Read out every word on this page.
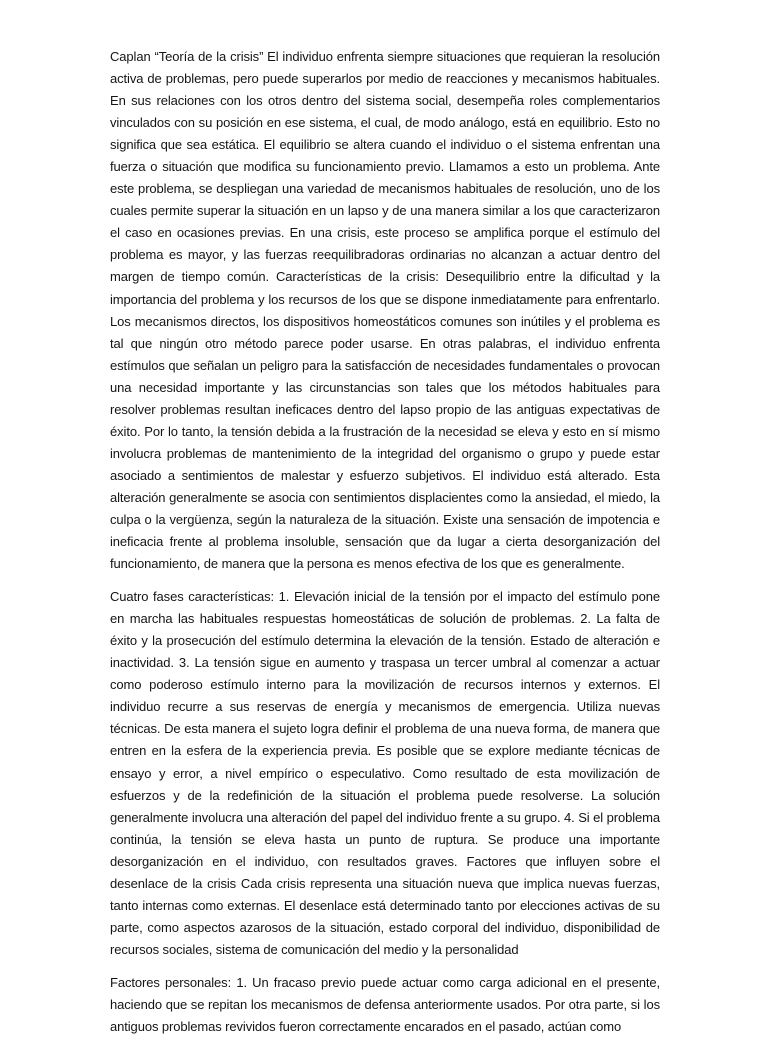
Caplan “Teoría de la crisis” El individuo enfrenta siempre situaciones que requieran la resolución activa de problemas, pero puede superarlos por medio de reacciones y mecanismos habituales. En sus relaciones con los otros dentro del sistema social, desempeña roles complementarios vinculados con su posición en ese sistema, el cual, de modo análogo, está en equilibrio. Esto no significa que sea estática. El equilibrio se altera cuando el individuo o el sistema enfrentan una fuerza o situación que modifica su funcionamiento previo. Llamamos a esto un problema. Ante este problema, se despliegan una variedad de mecanismos habituales de resolución, uno de los cuales permite superar la situación en un lapso y de una manera similar a los que caracterizaron el caso en ocasiones previas. En una crisis, este proceso se amplifica porque el estímulo del problema es mayor, y las fuerzas reequilibradoras ordinarias no alcanzan a actuar dentro del margen de tiempo común. Características de la crisis: Desequilibrio entre la dificultad y la importancia del problema y los recursos de los que se dispone inmediatamente para enfrentarlo. Los mecanismos directos, los dispositivos homeostáticos comunes son inútiles y el problema es tal que ningún otro método parece poder usarse. En otras palabras, el individuo enfrenta estímulos que señalan un peligro para la satisfacción de necesidades fundamentales o provocan una necesidad importante y las circunstancias son tales que los métodos habituales para resolver problemas resultan ineficaces dentro del lapso propio de las antiguas expectativas de éxito. Por lo tanto, la tensión debida a la frustración de la necesidad se eleva y esto en sí mismo involucra problemas de mantenimiento de la integridad del organismo o grupo y puede estar asociado a sentimientos de malestar y esfuerzo subjetivos. El individuo está alterado. Esta alteración generalmente se asocia con sentimientos displacientes como la ansiedad, el miedo, la culpa o la vergüenza, según la naturaleza de la situación. Existe una sensación de impotencia e ineficacia frente al problema insoluble, sensación que da lugar a cierta desorganización del funcionamiento, de manera que la persona es menos efectiva de los que es generalmente.

Cuatro fases características: 1. Elevación inicial de la tensión por el impacto del estímulo pone en marcha las habituales respuestas homeostáticas de solución de problemas. 2. La falta de éxito y la prosecución del estímulo determina la elevación de la tensión. Estado de alteración e inactividad. 3. La tensión sigue en aumento y traspasa un tercer umbral al comenzar a actuar como poderoso estímulo interno para la movilización de recursos internos y externos. El individuo recurre a sus reservas de energía y mecanismos de emergencia. Utiliza nuevas técnicas. De esta manera el sujeto logra definir el problema de una nueva forma, de manera que entren en la esfera de la experiencia previa. Es posible que se explore mediante técnicas de ensayo y error, a nivel empírico o especulativo. Como resultado de esta movilización de esfuerzos y de la redefinición de la situación el problema puede resolverse. La solución generalmente involucra una alteración del papel del individuo frente a su grupo. 4. Si el problema continúa, la tensión se eleva hasta un punto de ruptura. Se produce una importante desorganización en el individuo, con resultados graves. Factores que influyen sobre el desenlace de la crisis Cada crisis representa una situación nueva que implica nuevas fuerzas, tanto internas como externas. El desenlace está determinado tanto por elecciones activas de su parte, como aspectos azarosos de la situación, estado corporal del individuo, disponibilidad de recursos sociales, sistema de comunicación del medio y la personalidad

Factores personales: 1. Un fracaso previo puede actuar como carga adicional en el presente, haciendo que se repitan los mecanismos de defensa anteriormente usados. Por otra parte, si los antiguos problemas revividos fueron correctamente encarados en el pasado, actúan como
